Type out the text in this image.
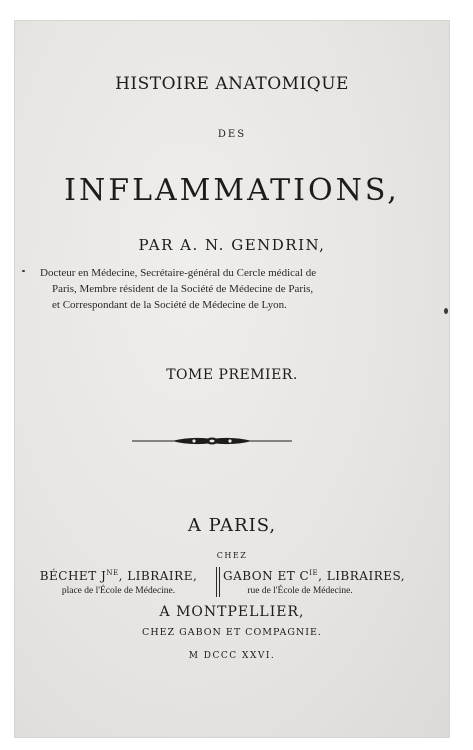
HISTOIRE ANATOMIQUE
DES
INFLAMMATIONS,
PAR A. N. GENDRIN,
Docteur en Médecine, Secrétaire-général du Cercle médical de
Paris, Membre résident de la Société de Médecine de Paris,
et Correspondant de la Société de Médecine de Lyon.
TOME PREMIER.
A PARIS,
CHEZ
BÉCHET $J^{NE}$, LIBRAIRE,
place de l'École de Médecine.
GABON ET $C^{IE}$, LIBRAIRES,
rue de l'École de Médecine.
A MONTPELLIER,
CHEZ GABON ET COMPAGNIE.
M DCCC XXVI.
